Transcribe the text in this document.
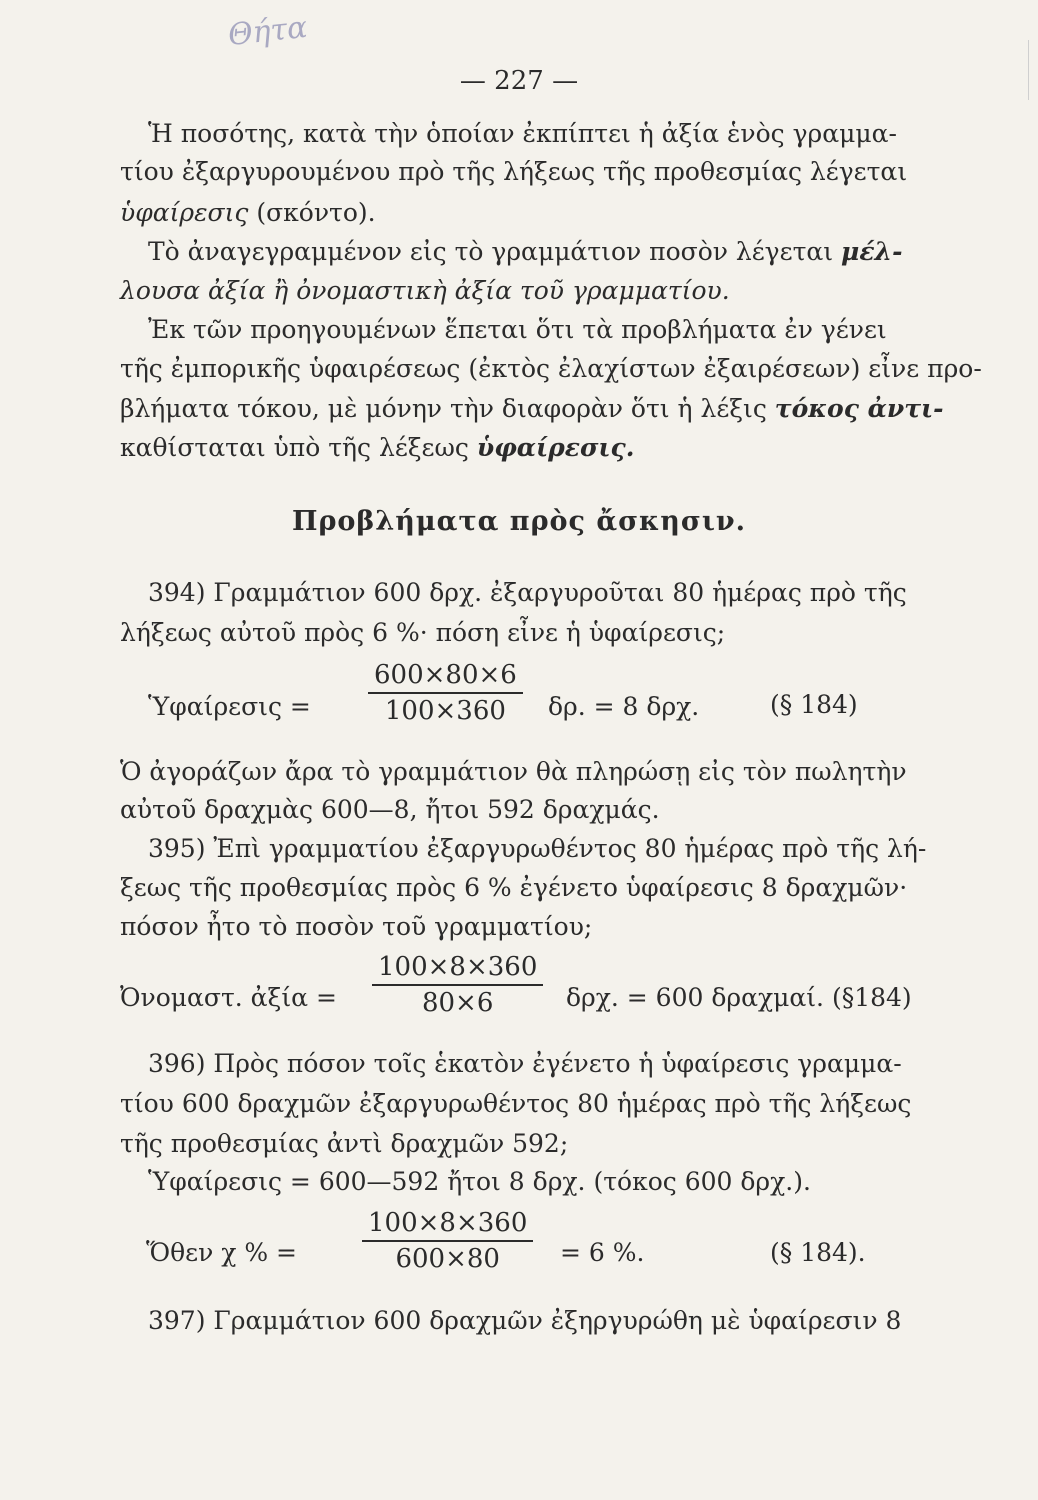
Θήτα
— 227 —
Ἡ ποσότης, κατὰ τὴν ὁποίαν ἐκπίπτει ἡ ἀξία ἑνὸς γραμμα-
τίου ἐξαργυρουμένου πρὸ τῆς λήξεως τῆς προθεσμίας λέγεται
ὑφαίρεσις (σκόντο).
Τὸ ἀναγεγραμμένον εἰς τὸ γραμμάτιον ποσὸν λέγεται μέλ-
λουσα ἀξία ἢ ὀνομαστικὴ ἀξία τοῦ γραμματίου.
Ἐκ τῶν προηγουμένων ἕπεται ὅτι τὰ προβλήματα ἐν γένει
τῆς ἐμπορικῆς ὑφαιρέσεως (ἐκτὸς ἐλαχίστων ἐξαιρέσεων) εἶνε προ-
βλήματα τόκου, μὲ μόνην τὴν διαφορὰν ὅτι ἡ λέξις τόκος ἀντι-
καθίσταται ὑπὸ τῆς λέξεως ὑφαίρεσις.
Προβλήματα πρὸς ἄσκησιν.
394) Γραμμάτιον 600 δρχ. ἐξαργυροῦται 80 ἡμέρας πρὸ τῆς
λήξεως αὐτοῦ πρὸς 6 %· πόση εἶνε ἡ ὑφαίρεσις;
Ὑφαίρεσις = $\frac{600\times 80\times 6}{100\times 360} \delta\rho$. = 8 δρχ.	(§ 184)
Ὁ ἀγοράζων ἄρα τὸ γραμμάτιον θὰ πληρώσῃ εἰς τὸν πωλητὴν
αὐτοῦ δραχμὰς 600—8, ἤτοι 592 δραχμάς.
395) Ἐπὶ γραμματίου ἐξαργυρωθέντος 80 ἡμέρας πρὸ τῆς λή-
ξεως τῆς προθεσμίας πρὸς 6 % ἐγένετο ὑφαίρεσις 8 δραχμῶν·
πόσον ἦτο τὸ ποσὸν τοῦ γραμματίου;
Ὀνομαστ. ἀξία = $\frac{100\times 8\times 360}{80\times 6} \delta\rho\chi$. = 600 δραχμαί. (§184)
396) Πρὸς πόσον τοῖς ἑκατὸν ἐγένετο ἡ ὑφαίρεσις γραμμα-
τίου 600 δραχμῶν ἐξαργυρωθέντος 80 ἡμέρας πρὸ τῆς λήξεως
τῆς προθεσμίας ἀντὶ δραχμῶν 592;
Ὑφαίρεσις = 600—592 ἤτοι 8 δρχ. (τόκος 600 δρχ.).
Ὅθεν χ % =	$\frac{100\times 8\times 360}{600\times 80} = 6$ %.	(§ 184).
397) Γραμμάτιον 600 δραχμῶν ἐξηργυρώθη μὲ ὑφαίρεσιν 8
